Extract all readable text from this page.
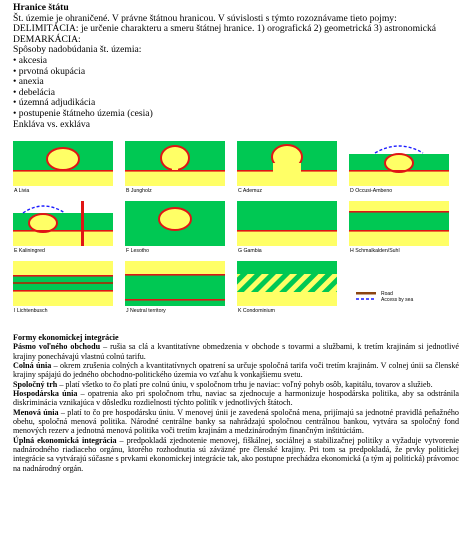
Hranice štátu

Št. územie je ohraničené. V právne štátnou hranicou. V súvislosti s týmto rozoznávame tieto pojmy:

DELIMITÁCIA: je určenie charakteru a smeru štátnej hranice. 1) orografická 2) geometrická 3) astronomická

DEMARKÁCIA:

Spôsoby nadobúdania št. územia:

• akcesia
• prvotná okupácia
• anexia
• debelácia
• územná adjudikácia
• postupenie štátneho územia (cesia)

Enklávа vs. exkláva

A Livia	B Jungholz	C Ademuz	D Occusi-Ambeno
E Kaliningred	F Lesotho	G Gambia	H Schmalkalden/Suhl
I Lichtenbusch	J Neutral territory	K Condominium
Road
Access by sea

Formy ekonomickej integrácie

Pásmo voľného obchodu – rušia sa clá a kvantitatívne obmedzenia v obchode s tovarmi a službami, k tretím krajinám si jednotlivé krajiny ponechávajú vlastnú colnú tarifu.

Colná únia – okrem zrušenia colných a kvantitatívnych opatrení sa určuje spoločná tarifa voči tretím krajinám. V colnej únii sa členské krajiny spájajú do jedného obchodno-politického územia vo vzťahu k vonkajšiemu svetu.

Spoločný trh – platí všetko to čo platí pre colnú úniu, v spoločnom trhu je naviac: voľný pohyb osôb, kapitálu, tovarov a služieb.

Hospodárska únia – opatrenia ako pri spoločnom trhu, naviac sa zjednocuje a harmonizuje hospodárska politika, aby sa odstránila diskriminácia vznikajúca v dôsledku rozdielnosti týchto politík v jednotlivých štátoch.

Menová únia – platí to čo pre hospodársku úniu. V menovej únii je zavedená spoločná mena, prijímajú sa jednotné pravidlá peňažného obehu, spoločná menová politika. Národné centrálne banky sa nahrádzajú spoločnou centrálnou bankou, vytvára sa spoločný fond menových rezerv a jednotná menová politika voči tretím krajinám a medzinárodným finančným inštitúciám.

Úplná ekonomická integrácia – predpokladá zjednotenie menovej, fiškálnej, sociálnej a stabilizačnej politiky a vyžaduje vytvorenie nadnárodného riadiaceho orgánu, ktorého rozhodnutia sú záväzné pre členské krajiny. Pri tom sa predpokladá, že prvky politickej integrácie sa vytvárajú súčasne s prvkami ekonomickej integrácie tak, ako postupne prechádza ekonomická (a tým aj politická) právomoc na nadnárodný orgán.
